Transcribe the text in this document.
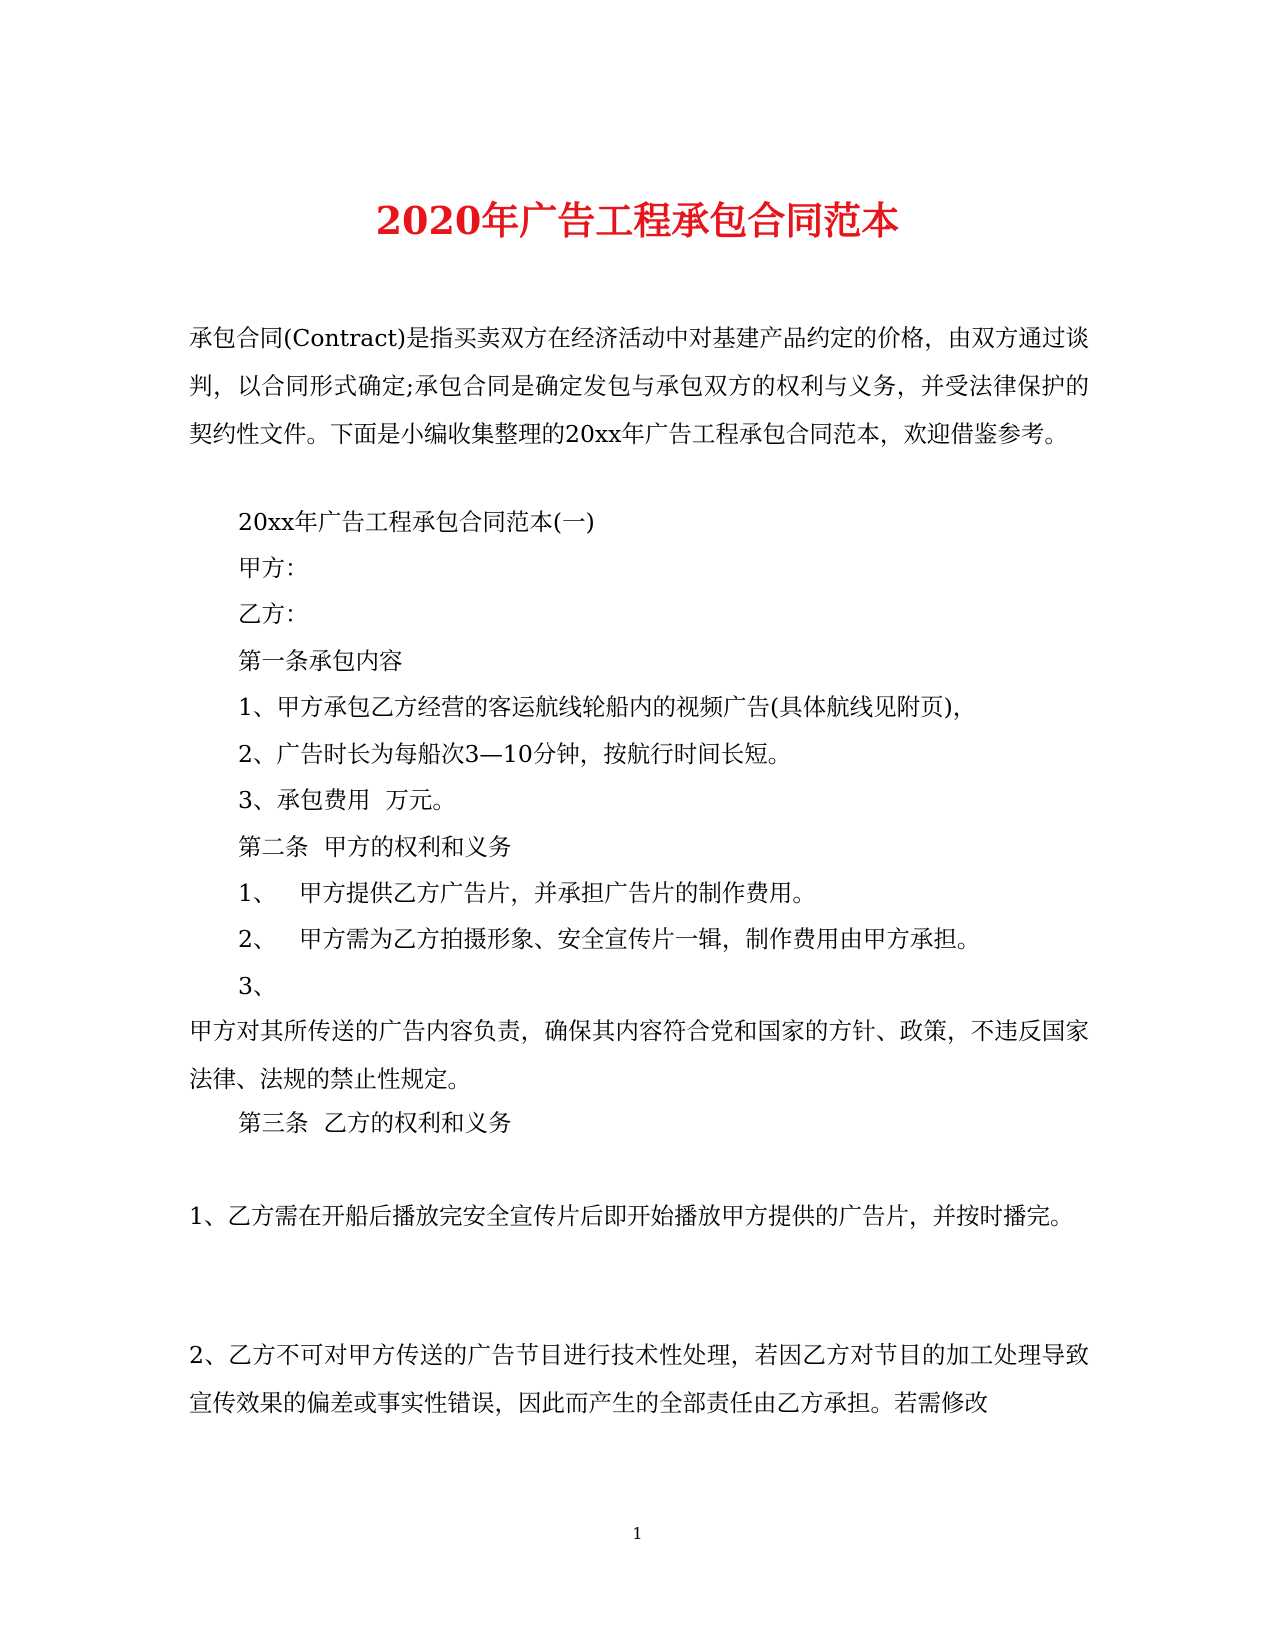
2020年广告工程承包合同范本

承包合同(Contract)是指买卖双方在经济活动中对基建产品约定的价格，由双方通过谈判，以合同形式确定;承包合同是确定发包与承包双方的权利与义务，并受法律保护的契约性文件。下面是小编收集整理的20xx年广告工程承包合同范本，欢迎借鉴参考。

20xx年广告工程承包合同范本(一)

甲方：

乙方：

第一条承包内容

1、甲方承包乙方经营的客运航线轮船内的视频广告(具体航线见附页)，

2、广告时长为每船次3—10分钟，按航行时间长短。

3、承包费用  万元。

第二条  甲方的权利和义务

1、   甲方提供乙方广告片，并承担广告片的制作费用。

2、   甲方需为乙方拍摄形象、安全宣传片一辑，制作费用由甲方承担。

3、

甲方对其所传送的广告内容负责，确保其内容符合党和国家的方针、政策，不违反国家法律、法规的禁止性规定。

第三条  乙方的权利和义务

1、乙方需在开船后播放完安全宣传片后即开始播放甲方提供的广告片，并按时播完。

2、乙方不可对甲方传送的广告节目进行技术性处理，若因乙方对节目的加工处理导致宣传效果的偏差或事实性错误，因此而产生的全部责任由乙方承担。若需修改

1
